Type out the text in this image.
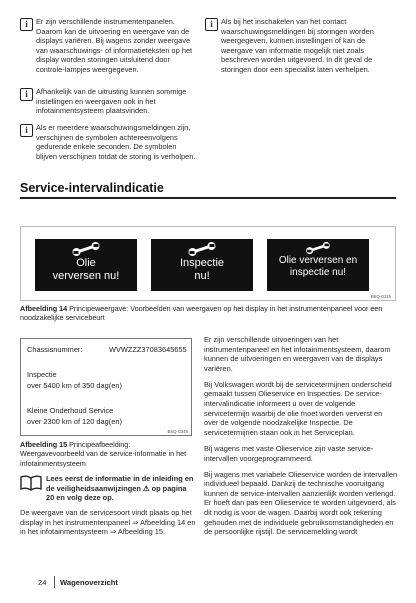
i	Er zijn verschillende instrumentenpanelen. Daarom kan de uitvoering en weergave van de displays variëren. Bij wagens zonder weergave van waarschuwings- of informatieteksten op het display worden storingen uitsluitend door controle-lampjes weergegeven.

i	Afhankelijk van de uitrusting kunnen sommige instellingen en weergaven ook in het infotainmentsysteem plaatsvinden.

i	Als er meerdere waarschuwingsmeldingen zijn, verschijnen de symbolen achtereenvolgens gedurende enkele seconden. De symbolen blijven verschijnen totdat de storing is verholpen.

i	Als bij het inschakelen van het contact waarschuwingsmeldingen bij storingen worden weergegeven, kunnen instellingen of kan de weergave van informatie mogelijk niet zoals beschreven worden uitgevoerd. In dit geval de storingen door een specialist laten verhelpen.

Service-intervalindicatie
Olie verversen nu!
Inspectie nu!
Olie verversen en inspectie nu!
B6Q-0115
Afbeelding 14 Principeweergave: Voorbeelden van weergaven op het display in het instrumentenpaneel voor een noodzakelijke servicebeurt
Chassisnummer:	WVWZZZ37083645655
Inspectie
over 5400 km of 350 dag(en)
Kleine Onderhoud Service
over 2300 km of 120 dag(en)
B5Q-0345
Afbeelding 15 Principeafbeelding: Weergavevoorbeeld van de service-informatie in het infotainmentsysteem

Lees eerst de informatie in de inleiding en de veiligheidsaanwijzingen ⚠ op pagina 20 en volg deze op.

De weergave van de servicesoort vindt plaats op het display in het instrumentenpaneel ⇒ Afbeelding 14 en in het infotainmentsysteem ⇒ Afbeelding 15.

Er zijn verschillende uitvoeringen van het instrumentenpaneel en het infotainmentsysteem, daarom kunnen de uitvoeringen en weergaven van de displays variëren.

Bij Volkswagen wordt bij de servicetermijnen onderscheid gemaakt tussen Olieservice en Inspecties. De service-intervalindicatie informeert u over de volgende servicetermijn waarbij de olie moet worden ververst en over de volgende noodzakelijke Inspectie. De servicetermijnen staan ook in het Serviceplan.

Bij wagens met vaste Olieservice zijn vaste service-intervallen voorgeprogrammeerd.

Bij wagens met variabele Olieservice worden de intervallen individueel bepaald. Dankzij de technische vooruitgang kunnen de service-intervallen aanzienlijk worden verlengd. Er hoeft dan pas een Olieservice te worden uitgevoerd, als dit nodig is voor de wagen. Daarbij wordt ook rekening gehouden met de individuele gebruiksomstandigheden en de persoonlijke rijstijl. De servicemelding wordt

24 Wagenoverzicht
